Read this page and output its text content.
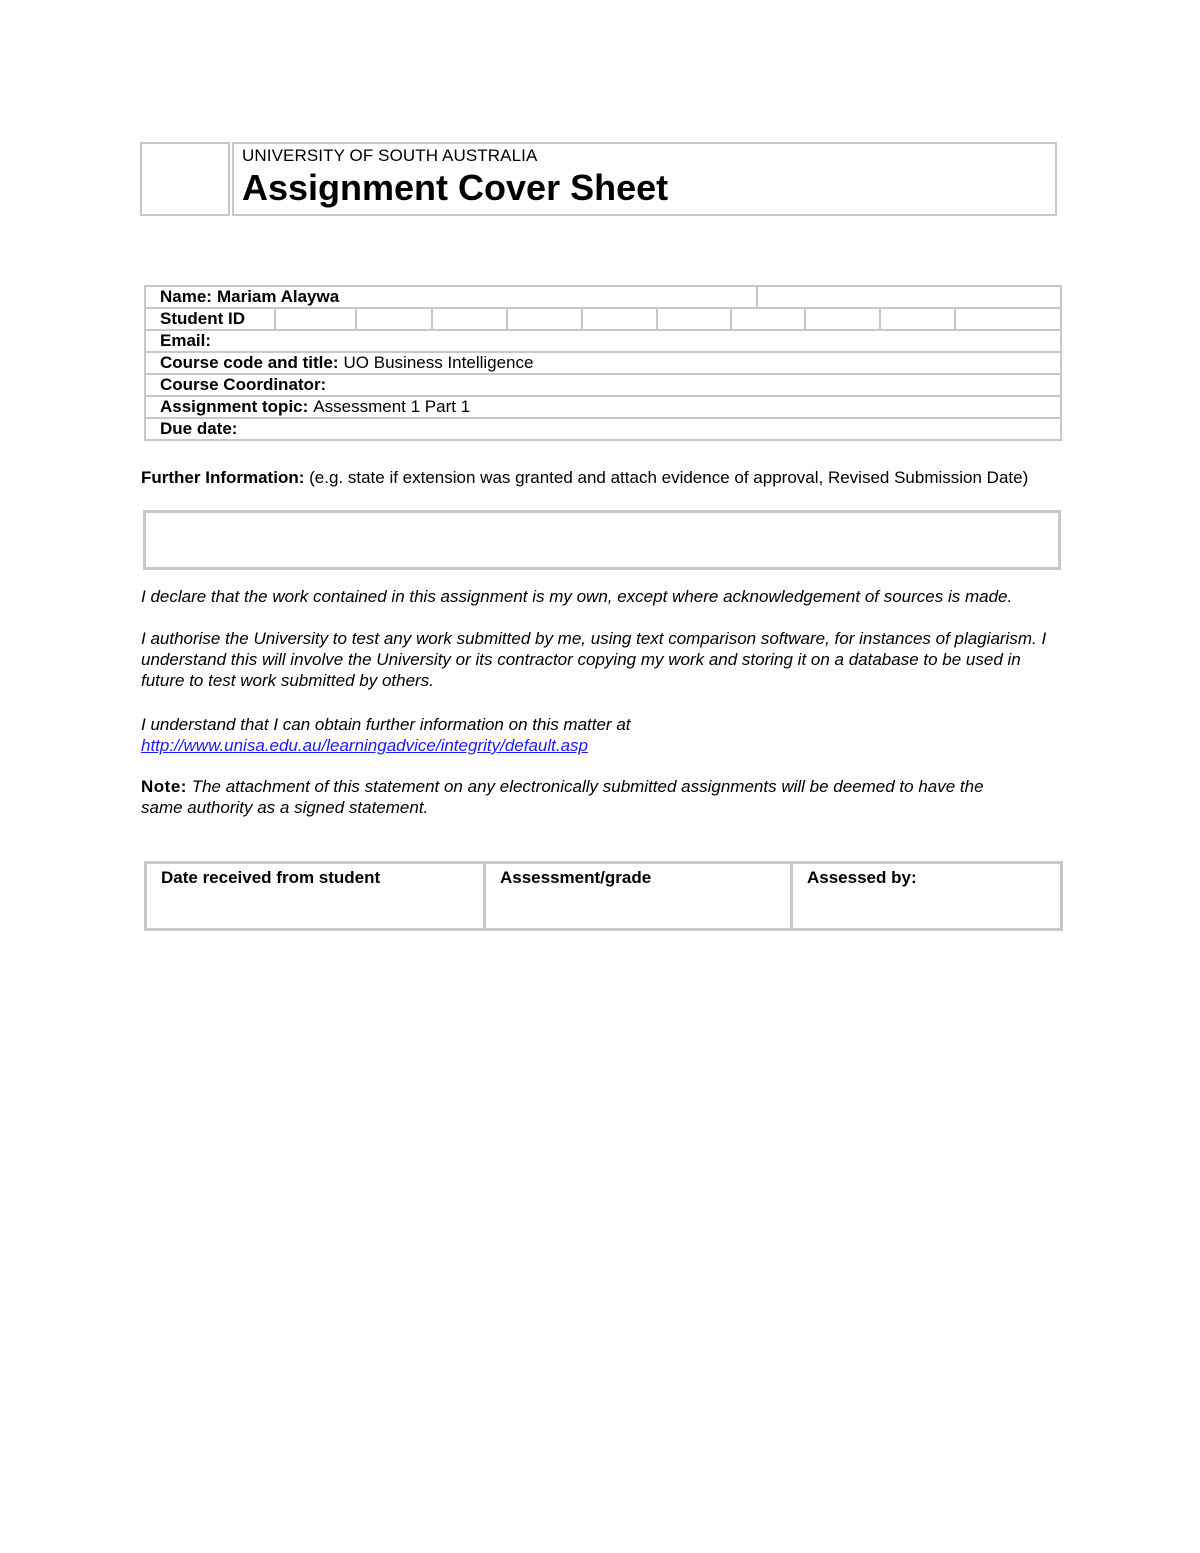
UNIVERSITY OF SOUTH AUSTRALIA
Assignment Cover Sheet
Name: Mariam Alaywa
Student ID
Email:
Course code and title: UO Business Intelligence
Course Coordinator:
Assignment topic: Assessment 1 Part 1
Due date:
Further Information: (e.g. state if extension was granted and attach evidence of approval, Revised Submission Date)
I declare that the work contained in this assignment is my own, except where acknowledgement of sources is made.
I authorise the University to test any work submitted by me, using text comparison software, for instances of plagiarism. I understand this will involve the University or its contractor copying my work and storing it on a database to be used in future to test work submitted by others.
I understand that I can obtain further information on this matter at http://www.unisa.edu.au/learningadvice/integrity/default.asp
Note: The attachment of this statement on any electronically submitted assignments will be deemed to have the same authority as a signed statement.
Date received from student	Assessment/grade	Assessed by:
